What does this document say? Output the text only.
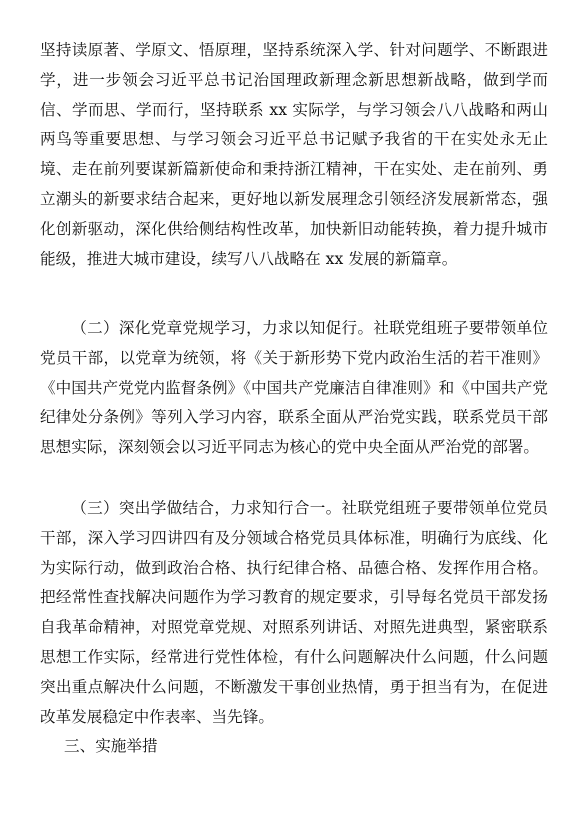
坚持读原著、学原文、悟原理，坚持系统深入学、针对问题学、不断跟进学，进一步领会习近平总书记治国理政新理念新思想新战略，做到学而信、学而思、学而行，坚持联系 xx 实际学，与学习领会八八战略和两山两鸟等重要思想、与学习领会习近平总书记赋予我省的干在实处永无止境、走在前列要谋新篇新使命和秉持浙江精神，干在实处、走在前列、勇立潮头的新要求结合起来，更好地以新发展理念引领经济发展新常态，强化创新驱动，深化供给侧结构性改革，加快新旧动能转换，着力提升城市能级，推进大城市建设，续写八八战略在 xx 发展的新篇章。

（二）深化党章党规学习，力求以知促行。社联党组班子要带领单位党员干部，以党章为统领，将《关于新形势下党内政治生活的若干准则》《中国共产党党内监督条例》《中国共产党廉洁自律准则》和《中国共产党纪律处分条例》等列入学习内容，联系全面从严治党实践，联系党员干部思想实际，深刻领会以习近平同志为核心的党中央全面从严治党的部署。

（三）突出学做结合，力求知行合一。社联党组班子要带领单位党员干部，深入学习四讲四有及分领域合格党员具体标准，明确行为底线、化为实际行动，做到政治合格、执行纪律合格、品德合格、发挥作用合格。把经常性查找解决问题作为学习教育的规定要求，引导每名党员干部发扬自我革命精神，对照党章党规、对照系列讲话、对照先进典型，紧密联系思想工作实际，经常进行党性体检，有什么问题解决什么问题，什么问题突出重点解决什么问题，不断激发干事创业热情，勇于担当有为，在促进改革发展稳定中作表率、当先锋。

三、实施举措
